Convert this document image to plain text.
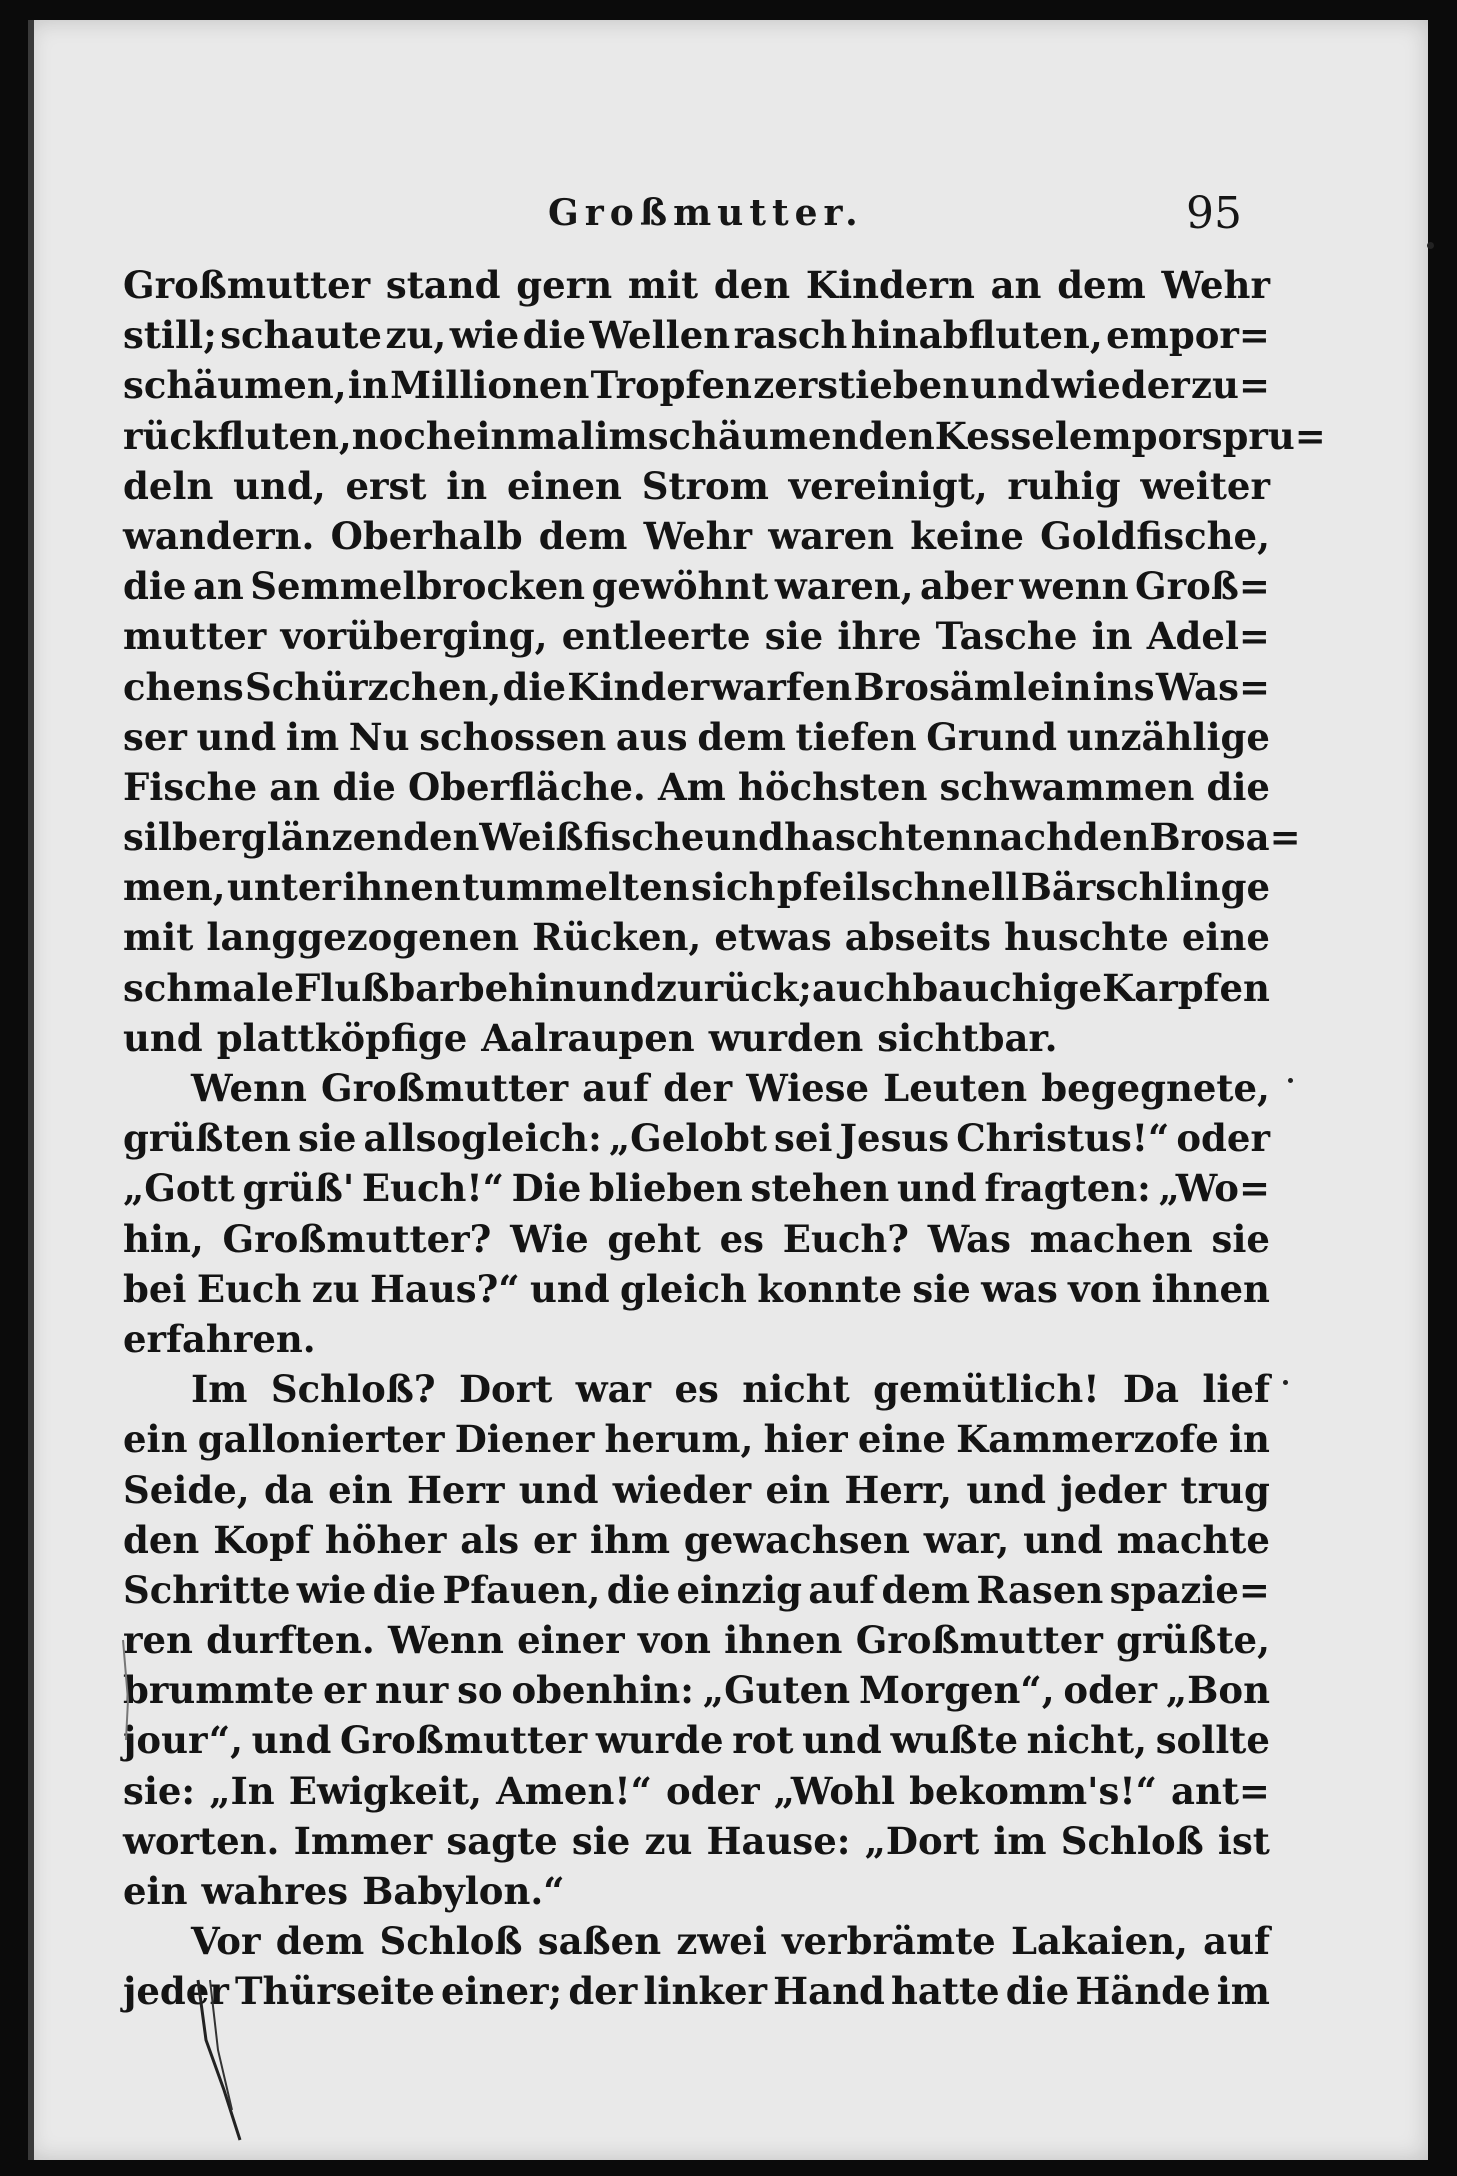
Großmutter.	95
Großmutter stand gern mit den Kindern an dem Wehr
still; schaute zu, wie die Wellen rasch hinabfluten, empor=
schäumen, in Millionen Tropfen zerstieben und wieder zu=
rückfluten, noch einmal im schäumenden Kessel emporspru=
deln und, erst in einen Strom vereinigt, ruhig weiter
wandern. Oberhalb dem Wehr waren keine Goldfische,
die an Semmelbrocken gewöhnt waren, aber wenn Groß=
mutter vorüberging, entleerte sie ihre Tasche in Adel=
chens Schürzchen, die Kinder warfen Brosämlein ins Was=
ser und im Nu schossen aus dem tiefen Grund unzählige
Fische an die Oberfläche. Am höchsten schwammen die
silberglänzenden Weißfische und haschten nach den Brosa=
men, unter ihnen tummelten sich pfeilschnell Bärschlinge
mit langgezogenen Rücken, etwas abseits huschte eine
schmale Flußbarbe hin und zurück; auch bauchige Karpfen
und plattköpfige Aalraupen wurden sichtbar.
Wenn Großmutter auf der Wiese Leuten begegnete,
grüßten sie allsogleich: „Gelobt sei Jesus Christus!“ oder
„Gott grüß' Euch!“ Die blieben stehen und fragten: „Wo=
hin, Großmutter? Wie geht es Euch? Was machen sie
bei Euch zu Haus?“ und gleich konnte sie was von ihnen
erfahren.
Im Schloß? Dort war es nicht gemütlich! Da lief
ein gallonierter Diener herum, hier eine Kammerzofe in
Seide, da ein Herr und wieder ein Herr, und jeder trug
den Kopf höher als er ihm gewachsen war, und machte
Schritte wie die Pfauen, die einzig auf dem Rasen spazie=
ren durften. Wenn einer von ihnen Großmutter grüßte,
brummte er nur so obenhin: „Guten Morgen“, oder „Bon
jour“, und Großmutter wurde rot und wußte nicht, sollte
sie: „In Ewigkeit, Amen!“ oder „Wohl bekomm's!“ ant=
worten. Immer sagte sie zu Hause: „Dort im Schloß ist
ein wahres Babylon.“
Vor dem Schloß saßen zwei verbrämte Lakaien, auf
jeder Thürseite einer; der linker Hand hatte die Hände im
